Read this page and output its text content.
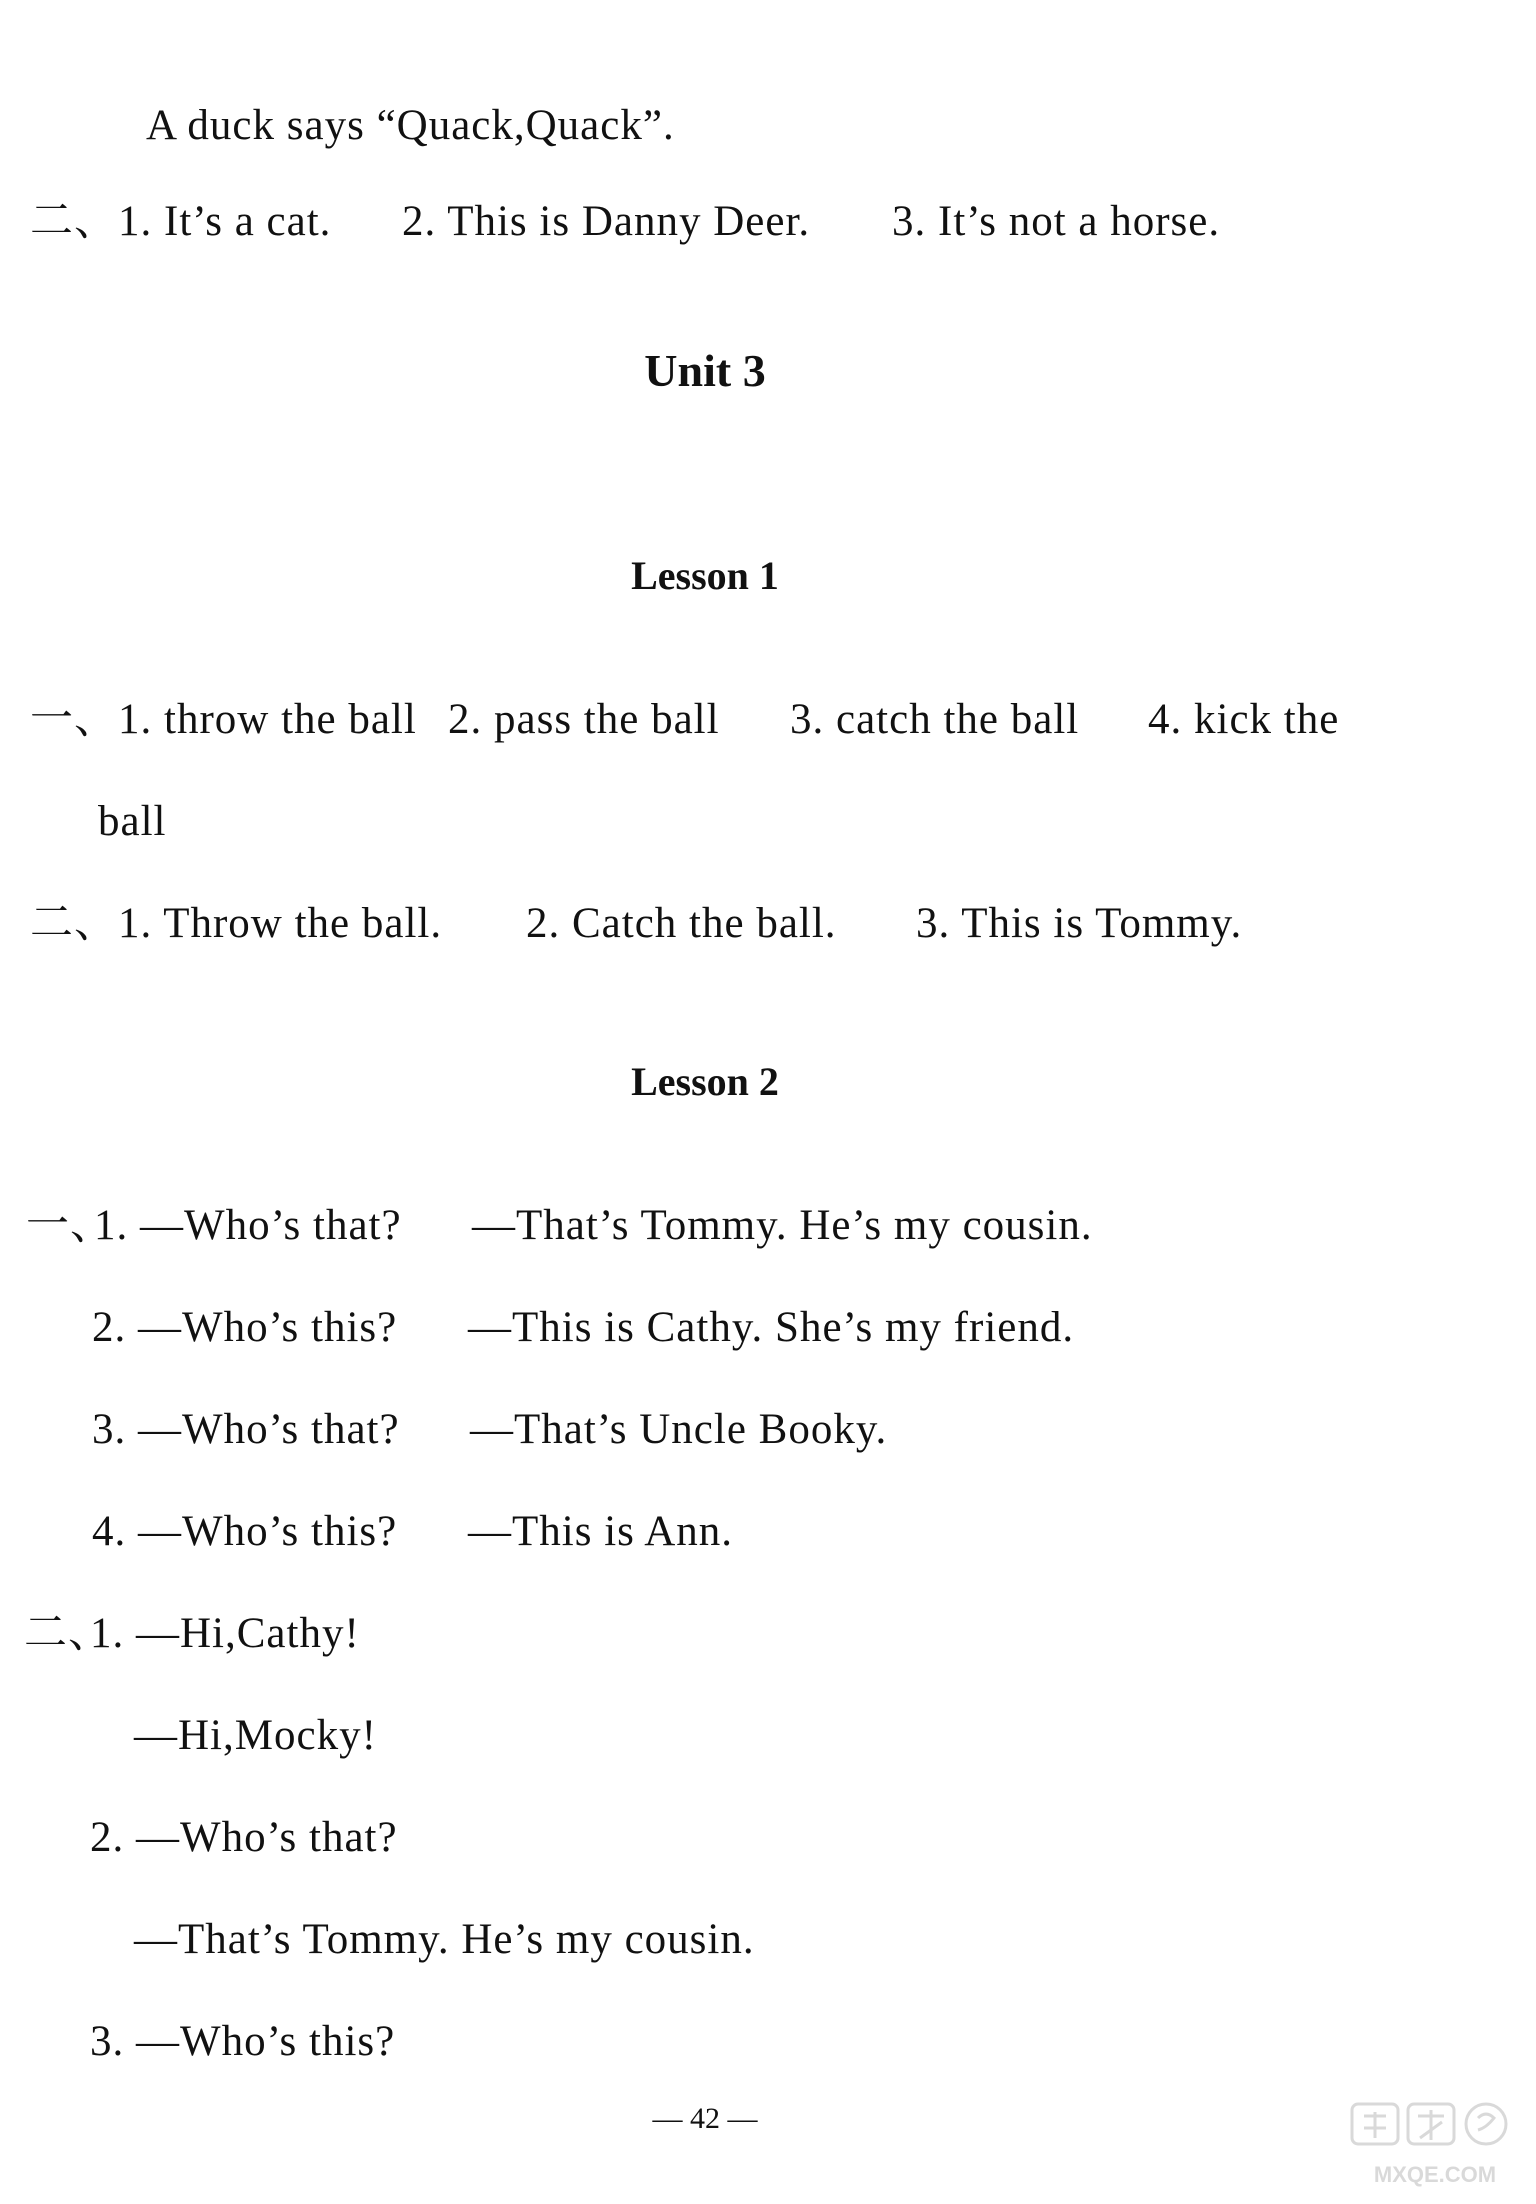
A duck says “Quack,Quack”.
二、1. It’s a cat. 2. This is Danny Deer. 3. It’s not a horse.
Unit 3
Lesson 1
一、1. throw the ball 2. pass the ball 3. catch the ball 4. kick the
ball
二、1. Throw the ball. 2. Catch the ball. 3. This is Tommy.
Lesson 2
一、1. —Who’s that? —That’s Tommy. He’s my cousin.
2. —Who’s this? —This is Cathy. She’s my friend.
3. —Who’s that? —That’s Uncle Booky.
4. —Who’s this? —This is Ann.
二、1. —Hi,Cathy!
—Hi,Mocky!
2. —Who’s that?
—That’s Tommy. He’s my cousin.
3. —Who’s this?
— 42 —
MXQE.COM
